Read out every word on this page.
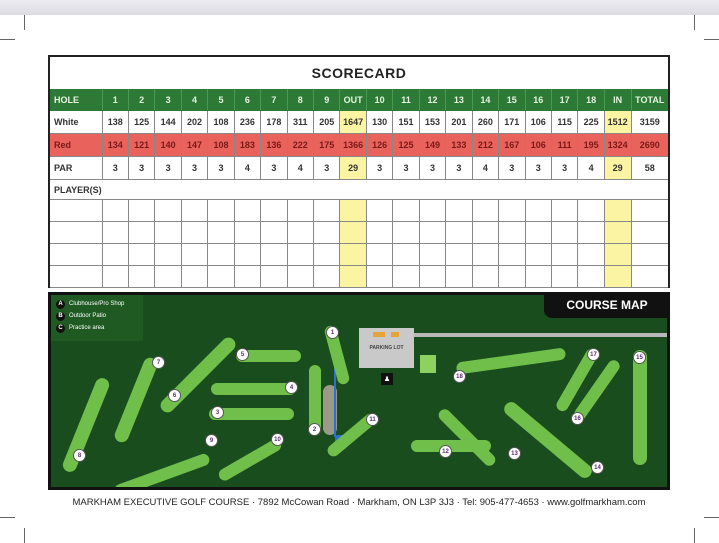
SCORECARD
HOLE	1	2	3	4	5	6	7	8	9	OUT	10	11	12	13	14	15	16	17	18	IN	TOTAL
White	138	125	144	202	108	236	178	311	205	1647	130	151	153	201	260	171	106	115	225	1512	3159
Red	134	121	140	147	108	183	136	222	175	1366	126	125	149	133	212	167	106	111	195	1324	2690
PAR	3	3	3	3	3	4	3	4	3	29	3	3	3	3	4	3	3	3	4	29	58
PLAYER(S)																					

A	Clubhouse/Pro Shop
B	Outdoor Patio
C	Practice area
COURSE MAP
PARKING LOT
♟
1
2
3
4
5
6
7
8
9	10
11
12	13
14
15
16
17
18
MARKHAM EXECUTIVE GOLF COURSE · 7892 McCowan Road · Markham, ON L3P 3J3 · Tel: 905-477-4653 · www.golfmarkham.com
